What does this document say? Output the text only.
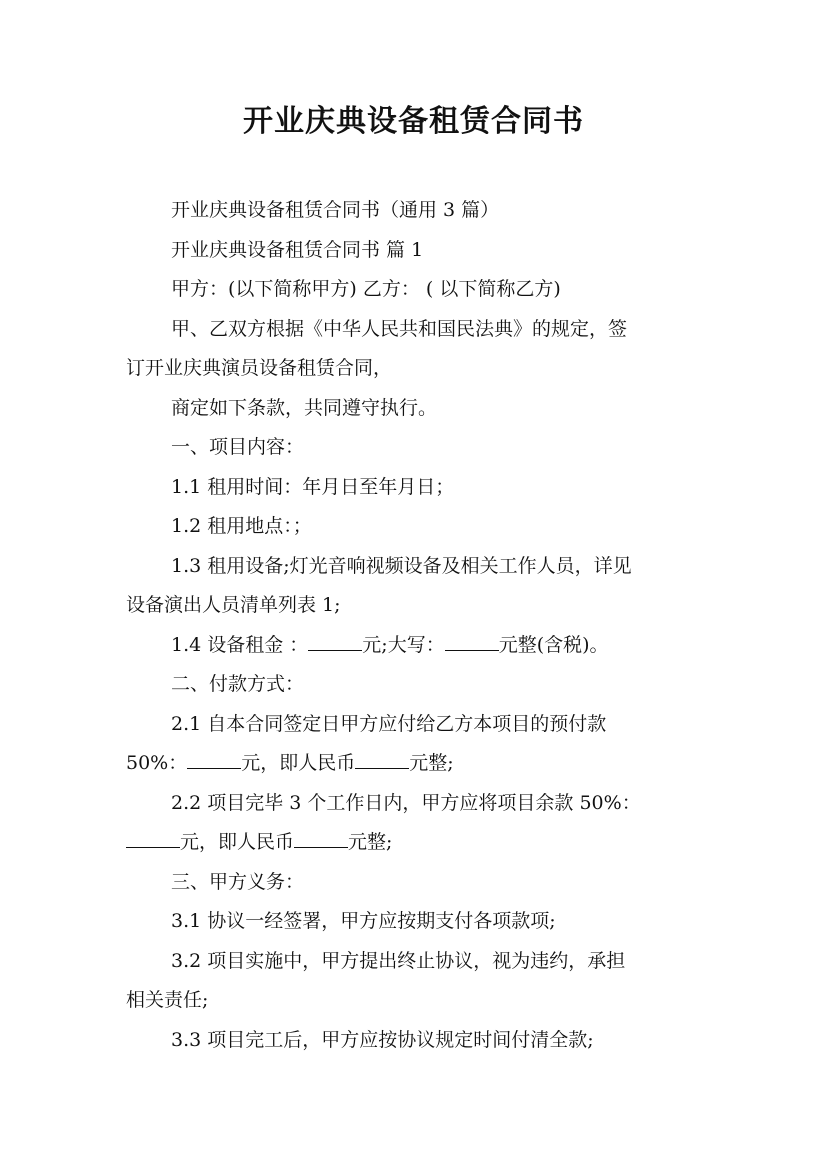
开业庆典设备租赁合同书
开业庆典设备租赁合同书（通用 3 篇）
开业庆典设备租赁合同书 篇 1
甲方：(以下简称甲方) 乙方： ( 以下简称乙方)
甲、乙双方根据《中华人民共和国民法典》的规定，签
订开业庆典演员设备租赁合同，
商定如下条款，共同遵守执行。
一、项目内容：
1.1 租用时间：年月日至年月日；
1.2 租用地点：；
1.3 租用设备;灯光音响视频设备及相关工作人员，详见
设备演出人员清单列表 1;
1.4 设备租金 ：	元;大写：	元整(含税)。
二、付款方式：
2.1 自本合同签定日甲方应付给乙方本项目的预付款
50%：	元，即人民币	元整;
2.2 项目完毕 3 个工作日内，甲方应将项目余款 50%：
元，即人民币	元整;
三、甲方义务：
3.1 协议一经签署，甲方应按期支付各项款项;
3.2 项目实施中，甲方提出终止协议，视为违约，承担
相关责任;
3.3 项目完工后，甲方应按协议规定时间付清全款;
